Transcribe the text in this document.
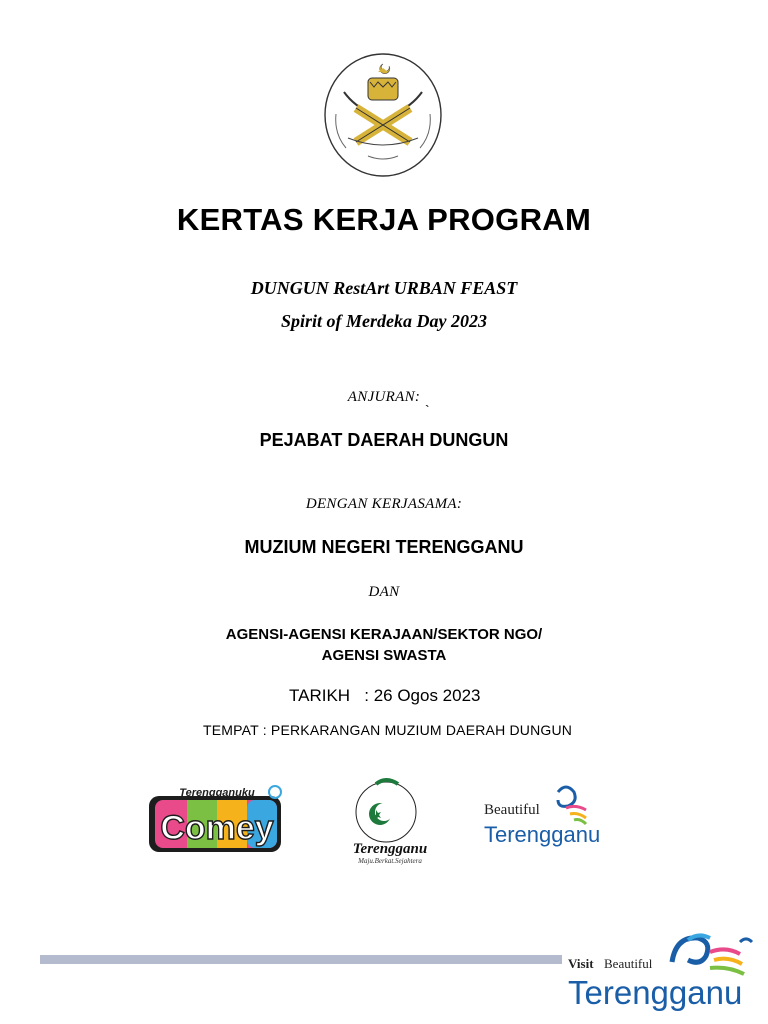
KERTAS KERJA PROGRAM
DUNGUN RestArt URBAN FEAST
Spirit of Merdeka Day 2023
ANJURAN:
`
PEJABAT DAERAH DUNGUN
DENGAN KERJASAMA:
MUZIUM NEGERI TERENGGANU
DAN
AGENSI-AGENSI KERAJAAN/SEKTOR NGO/
AGENSI SWASTA
TARIKH   : 26 Ogos 2023
TEMPAT : PERKARANGAN MUZIUM DAERAH DUNGUN
Terengganuku
Comey
Terengganu
Maju.Berkat.Sejahtera
Beautiful
Terengganu
Visit Beautiful
Terengganu
